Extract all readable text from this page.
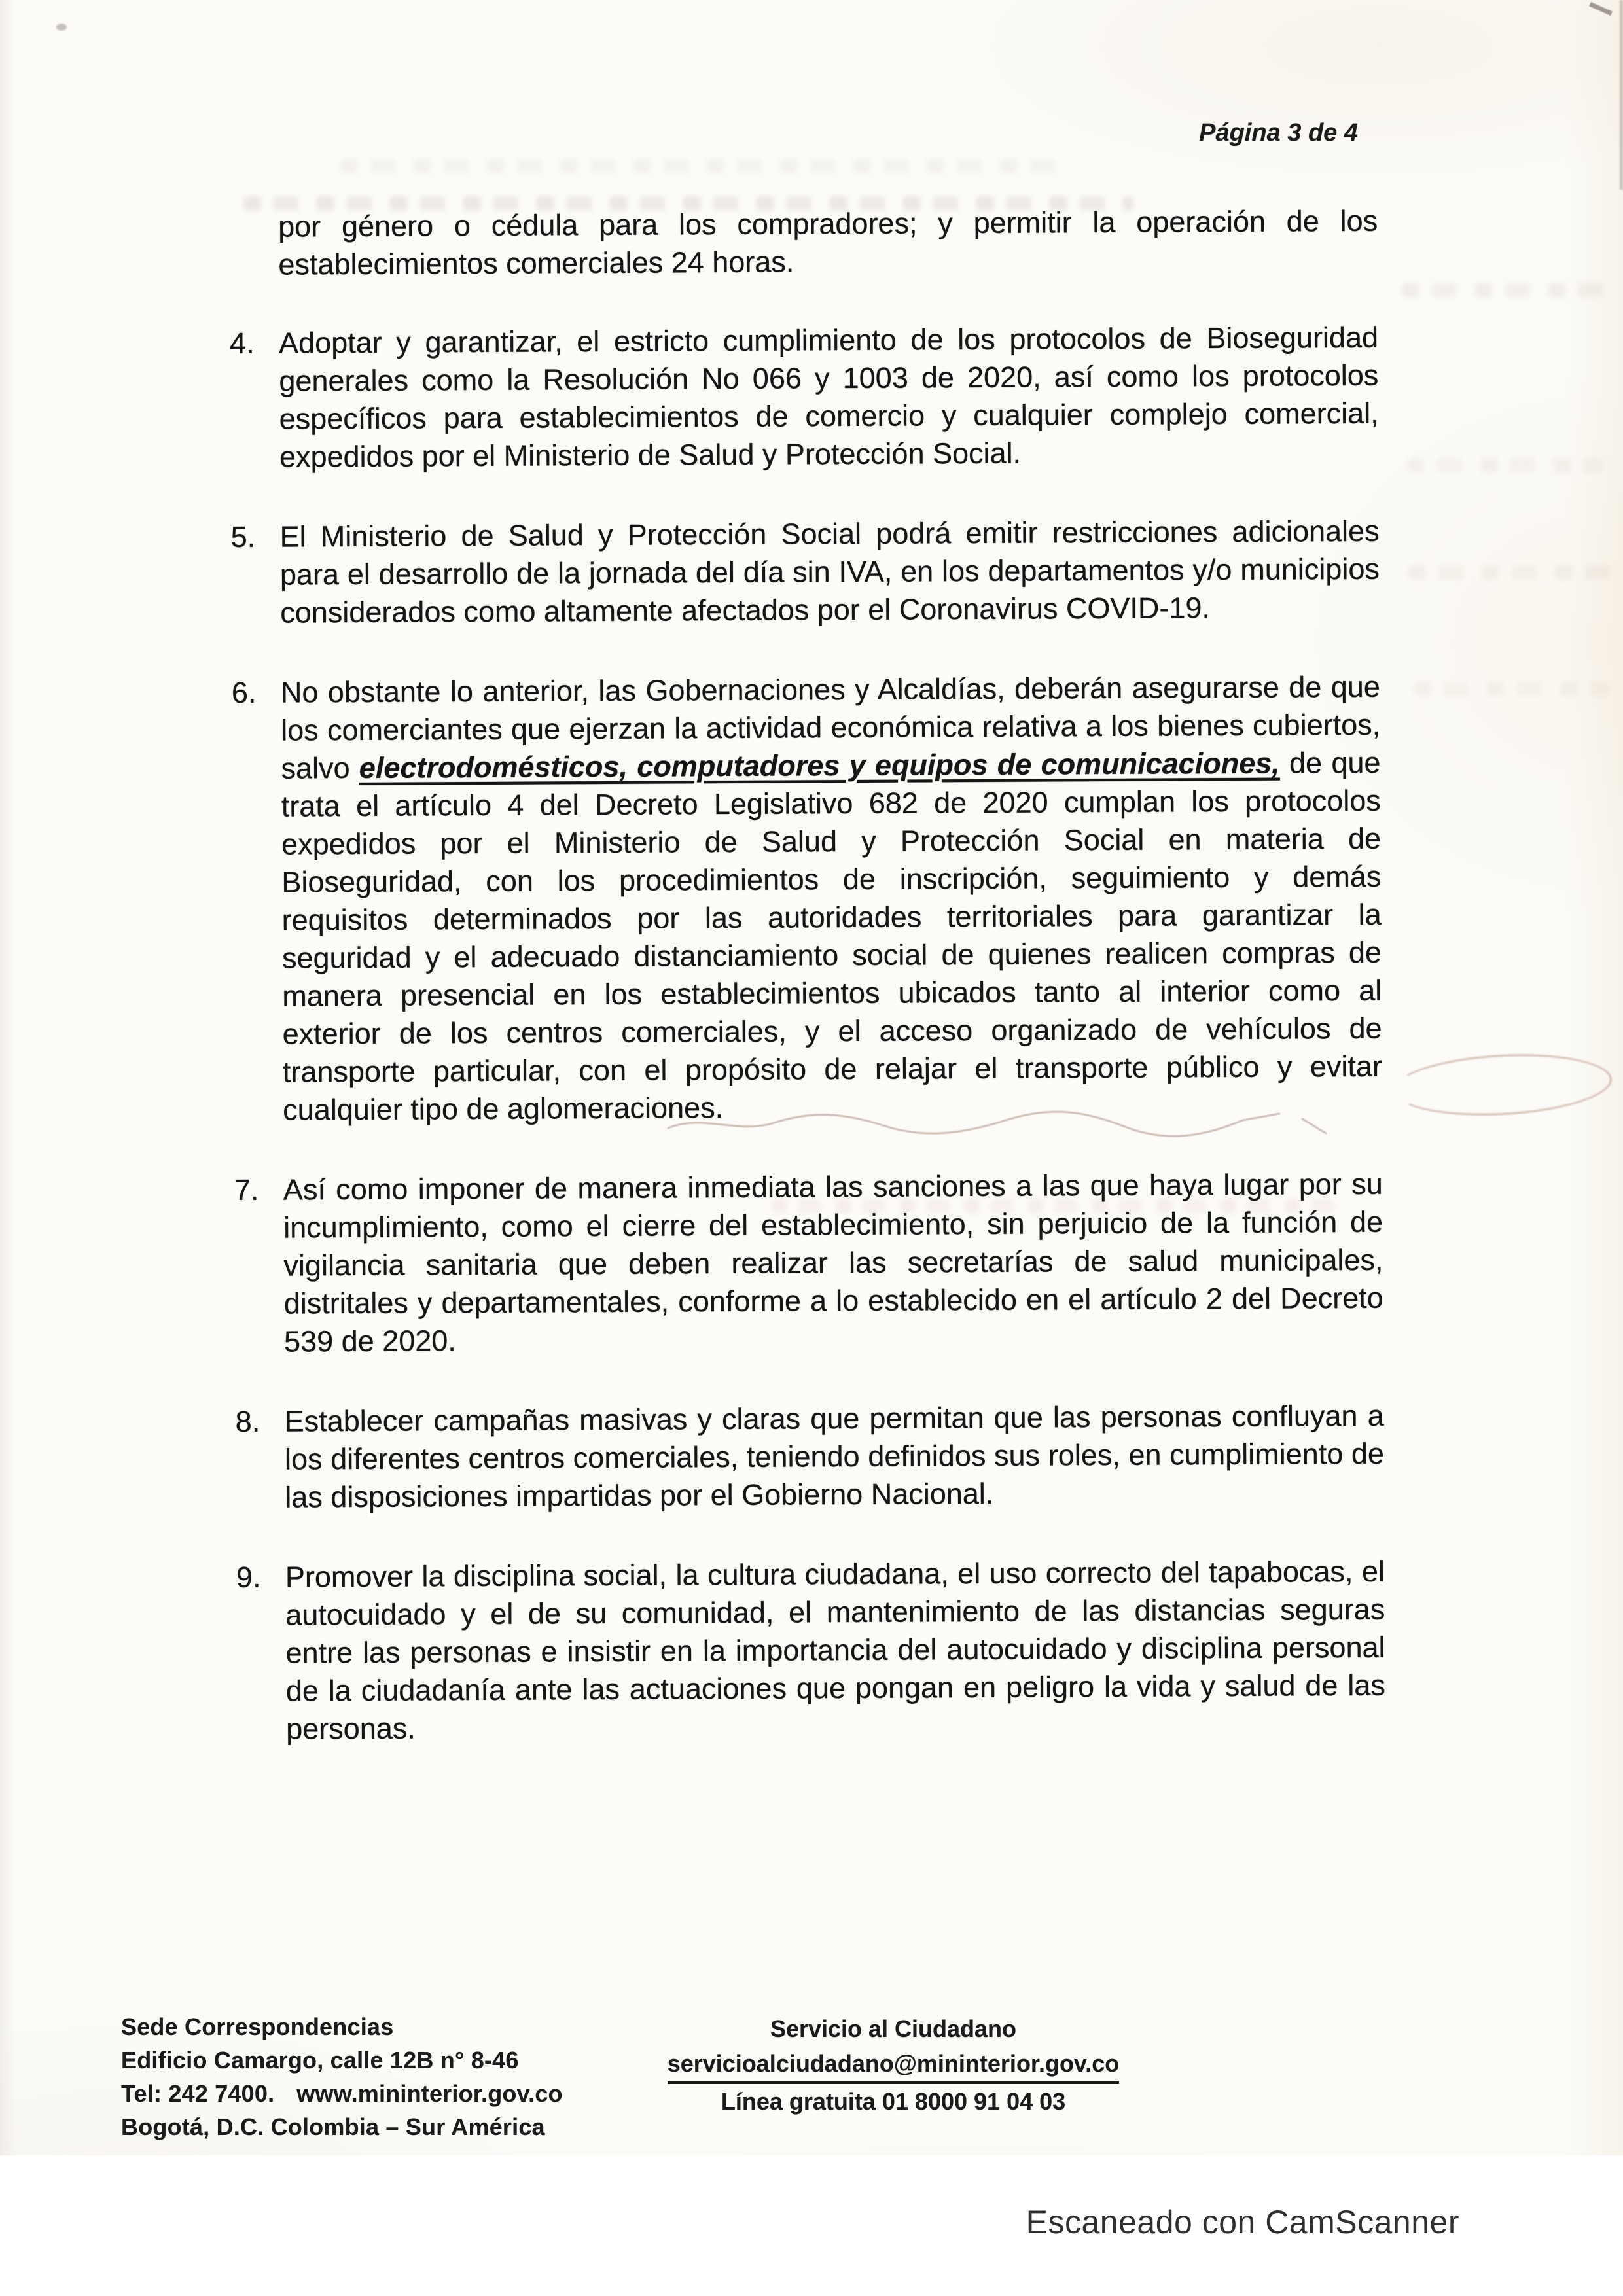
Página 3 de 4

por género o cédula para los compradores; y permitir la operación de los establecimientos comerciales 24 horas.

4. Adoptar y garantizar, el estricto cumplimiento de los protocolos de Bioseguridad generales como la Resolución No 066 y 1003 de 2020, así como los protocolos específicos para establecimientos de comercio y cualquier complejo comercial, expedidos por el Ministerio de Salud y Protección Social.
5. El Ministerio de Salud y Protección Social podrá emitir restricciones adicionales para el desarrollo de la jornada del día sin IVA, en los departamentos y/o municipios considerados como altamente afectados por el Coronavirus COVID-19.
6. No obstante lo anterior, las Gobernaciones y Alcaldías, deberán asegurarse de que los comerciantes que ejerzan la actividad económica relativa a los bienes cubiertos, salvo electrodomésticos, computadores y equipos de comunicaciones, de que trata el artículo 4 del Decreto Legislativo 682 de 2020 cumplan los protocolos expedidos por el Ministerio de Salud y Protección Social en materia de Bioseguridad, con los procedimientos de inscripción, seguimiento y demás requisitos determinados por las autoridades territoriales para garantizar la seguridad y el adecuado distanciamiento social de quienes realicen compras de manera presencial en los establecimientos ubicados tanto al interior como al exterior de los centros comerciales, y el acceso organizado de vehículos de transporte particular, con el propósito de relajar el transporte público y evitar cualquier tipo de aglomeraciones.
7. Así como imponer de manera inmediata las sanciones a las que haya lugar por su incumplimiento, como el cierre del establecimiento, sin perjuicio de la función de vigilancia sanitaria que deben realizar las secretarías de salud municipales, distritales y departamentales, conforme a lo establecido en el artículo 2 del Decreto 539 de 2020.
8. Establecer campañas masivas y claras que permitan que las personas confluyan a los diferentes centros comerciales, teniendo definidos sus roles, en cumplimiento de las disposiciones impartidas por el Gobierno Nacional.
9. Promover la disciplina social, la cultura ciudadana, el uso correcto del tapabocas, el autocuidado y el de su comunidad, el mantenimiento de las distancias seguras entre las personas e insistir en la importancia del autocuidado y disciplina personal de la ciudadanía ante las actuaciones que pongan en peligro la vida y salud de las personas.
Sede Correspondencias
Edificio Camargo, calle 12B n° 8-46
Tel: 242 7400. www.mininterior.gov.co
Bogotá, D.C. Colombia – Sur América
Servicio al Ciudadano
servicioalciudadano@mininterior.gov.co
Línea gratuita 01 8000 91 04 03
Escaneado con CamScanner
